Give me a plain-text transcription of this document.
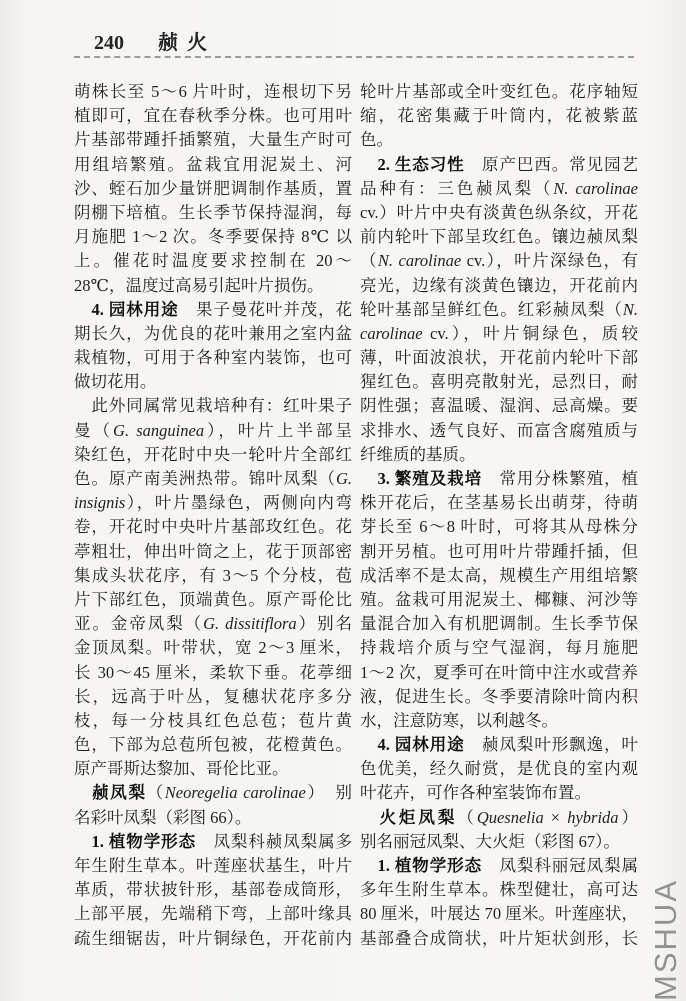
240 赪火
萌株长至 5～6 片叶时，连根切下另
植即可，宜在春秋季分株。也可用叶
片基部带踵扦插繁殖，大量生产时可
用组培繁殖。盆栽宜用泥炭土、河
沙、蛭石加少量饼肥调制作基质，置
阴棚下培植。生长季节保持湿润，每
月施肥 1～2 次。冬季要保持 8℃ 以
上。催花时温度要求控制在 20～
28℃，温度过高易引起叶片损伤。
　4. 园林用途　果子曼花叶并茂，花
期长久，为优良的花叶兼用之室内盆
栽植物，可用于各种室内装饰，也可
做切花用。
　此外同属常见栽培种有：红叶果子
曼（G. sanguinea），叶片上半部呈
染红色，开花时中央一轮叶片全部红
色。原产南美洲热带。锦叶凤梨（G.
insignis），叶片墨绿色，两侧向内弯
卷，开花时中央叶片基部玫红色。花
葶粗壮，伸出叶筒之上，花于顶部密
集成头状花序，有 3～5 个分枝，苞
片下部红色，顶端黄色。原产哥伦比
亚。金帝凤梨（G. dissitiflora）别名
金顶凤梨。叶带状，宽 2～3 厘米，
长 30～45 厘米，柔软下垂。花葶细
长，远高于叶丛，复穗状花序多分
枝，每一分枝具红色总苞；苞片黄
色，下部为总苞所包被，花橙黄色。
原产哥斯达黎加、哥伦比亚。
　赪凤梨（Neoregelia carolinae）　别
名彩叶凤梨（彩图 66）。
　1. 植物学形态　凤梨科赪凤梨属多
年生附生草本。叶莲座状基生，叶片
革质，带状披针形，基部卷成筒形，
上部平展，先端稍下弯，上部叶缘具
疏生细锯齿，叶片铜绿色，开花前内
轮叶片基部或全叶变红色。花序轴短
缩，花密集藏于叶筒内，花被紫蓝
色。
　2. 生态习性　原产巴西。常见园艺
品种有：三色赪凤梨（N. carolinae
cv.）叶片中央有淡黄色纵条纹，开花
前内轮叶下部呈玫红色。镶边赪凤梨
（N. carolinae cv.），叶片深绿色，有
亮光，边缘有淡黄色镶边，开花前内
轮叶基部呈鲜红色。红彩赪凤梨（N.
carolinae cv.），叶片铜绿色，质较
薄，叶面波浪状，开花前内轮叶下部
猩红色。喜明亮散射光，忌烈日，耐
阴性强；喜温暖、湿润、忌高燥。要
求排水、透气良好、而富含腐殖质与
纤维质的基质。
　3. 繁殖及栽培　常用分株繁殖，植
株开花后，在茎基易长出萌芽，待萌
芽长至 6～8 叶时，可将其从母株分
割开另植。也可用叶片带踵扦插，但
成活率不是太高，规模生产用组培繁
殖。盆栽可用泥炭土、椰糠、河沙等
量混合加入有机肥调制。生长季节保
持栽培介质与空气湿润，每月施肥
1～2 次，夏季可在叶筒中注水或营养
液，促进生长。冬季要清除叶筒内积
水，注意防寒，以利越冬。
　4. 园林用途　赪凤梨叶形飘逸，叶
色优美，经久耐赏，是优良的室内观
叶花卉，可作各种室装饰布置。
　火炬凤梨（Quesnelia × hybrida）
别名丽冠凤梨、大火炬（彩图 67）。
　1. 植物学形态　凤梨科丽冠凤梨属
多年生附生草本。株型健壮，高可达
80 厘米，叶展达 70 厘米。叶莲座状，
基部叠合成筒状，叶片矩状剑形，长 MSHUA
